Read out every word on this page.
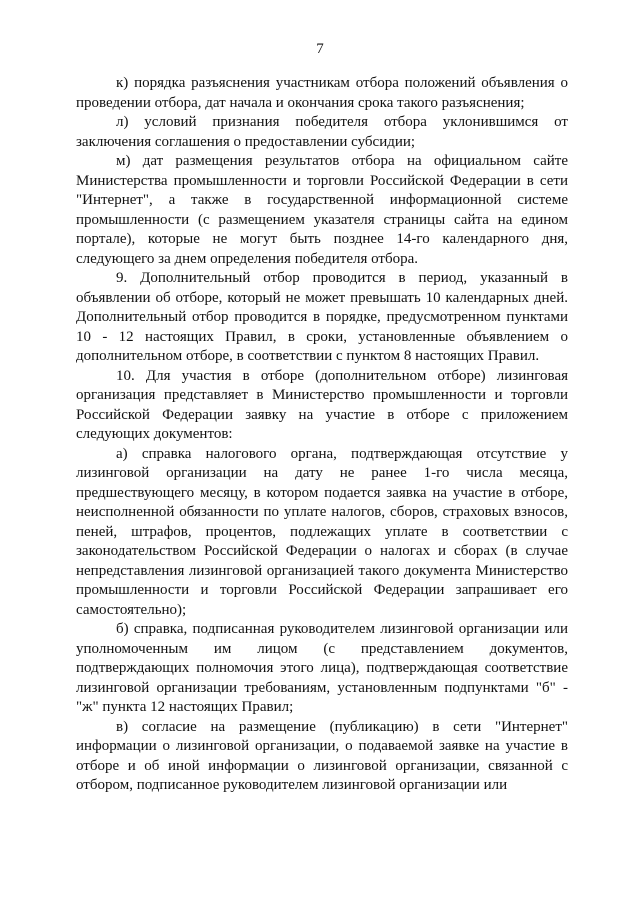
7

к) порядка разъяснения участникам отбора положений объявления о проведении отбора, дат начала и окончания срока такого разъяснения;

л) условий признания победителя отбора уклонившимся от заключения соглашения о предоставлении субсидии;

м) дат размещения результатов отбора на официальном сайте Министерства промышленности и торговли Российской Федерации в сети "Интернет", а также в государственной информационной системе промышленности (с размещением указателя страницы сайта на едином портале), которые не могут быть позднее 14-го календарного дня, следующего за днем определения победителя отбора.

9. Дополнительный отбор проводится в период, указанный в объявлении об отборе, который не может превышать 10 календарных дней. Дополнительный отбор проводится в порядке, предусмотренном пунктами 10 - 12 настоящих Правил, в сроки, установленные объявлением о дополнительном отборе, в соответствии с пунктом 8 настоящих Правил.

10. Для участия в отборе (дополнительном отборе) лизинговая организация представляет в Министерство промышленности и торговли Российской Федерации заявку на участие в отборе с приложением следующих документов:

а) справка налогового органа, подтверждающая отсутствие у лизинговой организации на дату не ранее 1-го числа месяца, предшествующего месяцу, в котором подается заявка на участие в отборе, неисполненной обязанности по уплате налогов, сборов, страховых взносов, пеней, штрафов, процентов, подлежащих уплате в соответствии с законодательством Российской Федерации о налогах и сборах (в случае непредставления лизинговой организацией такого документа Министерство промышленности и торговли Российской Федерации запрашивает его самостоятельно);

б) справка, подписанная руководителем лизинговой организации или уполномоченным им лицом (с представлением документов, подтверждающих полномочия этого лица), подтверждающая соответствие лизинговой организации требованиям, установленным подпунктами "б" - "ж" пункта 12 настоящих Правил;

в) согласие на размещение (публикацию) в сети "Интернет" информации о лизинговой организации, о подаваемой заявке на участие в отборе и об иной информации о лизинговой организации, связанной с отбором, подписанное руководителем лизинговой организации или
